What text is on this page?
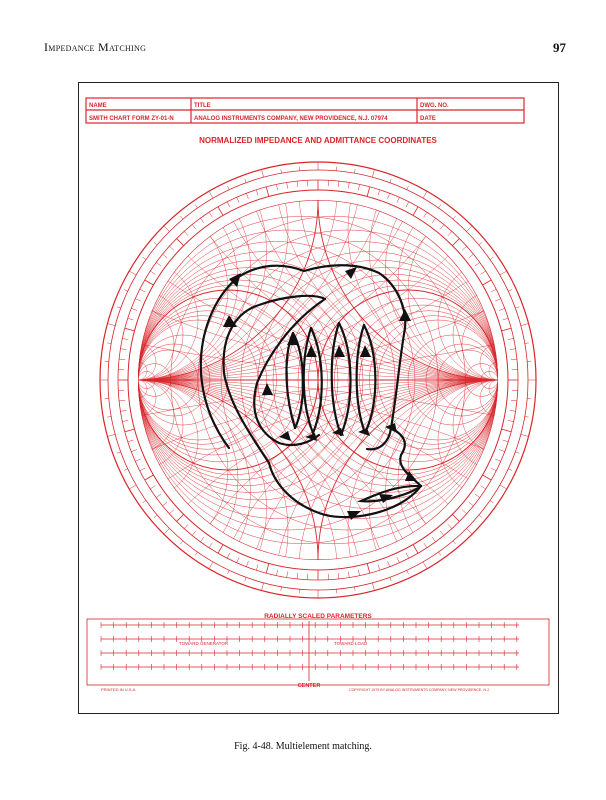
Impedance Matching	97
NAME	TITLE	DWG. NO.
SMITH CHART FORM ZY-01-N	ANALOG INSTRUMENTS COMPANY, NEW PROVIDENCE, N.J. 07974	DATE
NORMALIZED IMPEDANCE AND ADMITTANCE COORDINATES
RADIALLY SCALED PARAMETERS
TOWARD GENERATOR	TOWARD LOAD
CENTER
PRINTED IN U.S.A.	COPYRIGHT 1979 BY ANALOG INSTRUMENTS COMPANY, NEW PROVIDENCE, N.J.
Fig. 4-48. Multielement matching.
